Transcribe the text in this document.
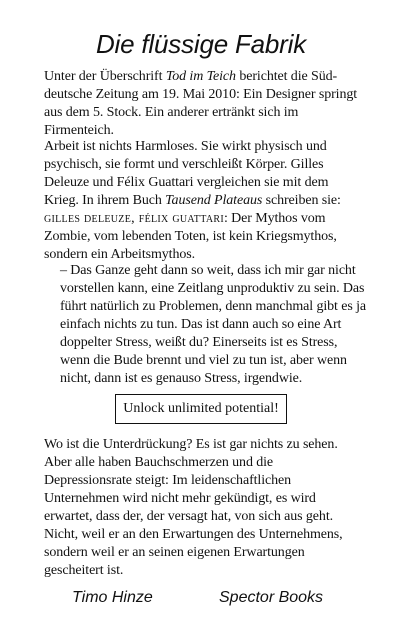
Die flüssige Fabrik
Unter der Überschrift Tod im Teich berichtet die Süd-deutsche Zeitung am 19. Mai 2010: Ein Designer springt aus dem 5. Stock. Ein anderer ertränkt sich im Firmenteich.
Arbeit ist nichts Harmloses. Sie wirkt physisch und psychisch, sie formt und verschleißt Körper. Gilles Deleuze und Félix Guattari vergleichen sie mit dem Krieg. In ihrem Buch Tausend Plateaus schreiben sie: gilles deleuze, félix guattari: Der Mythos vom Zombie, vom lebenden Toten, ist kein Kriegsmythos, sondern ein Arbeitsmythos.
– Das Ganze geht dann so weit, dass ich mir gar nicht vorstellen kann, eine Zeitlang unproduktiv zu sein. Das führt natürlich zu Problemen, denn manchmal gibt es ja einfach nichts zu tun. Das ist dann auch so eine Art doppelter Stress, weißt du? Einerseits ist es Stress, wenn die Bude brennt und viel zu tun ist, aber wenn nicht, dann ist es genauso Stress, irgendwie.
Unlock unlimited potential!
Wo ist die Unterdrückung? Es ist gar nichts zu sehen. Aber alle haben Bauchschmerzen und die Depressionsrate steigt: Im leidenschaftlichen Unternehmen wird nicht mehr gekündigt, es wird erwartet, dass der, der versagt hat, von sich aus geht. Nicht, weil er an den Erwartungen des Unternehmens, sondern weil er an seinen eigenen Erwartungen gescheitert ist.
Timo Hinze	Spector Books
